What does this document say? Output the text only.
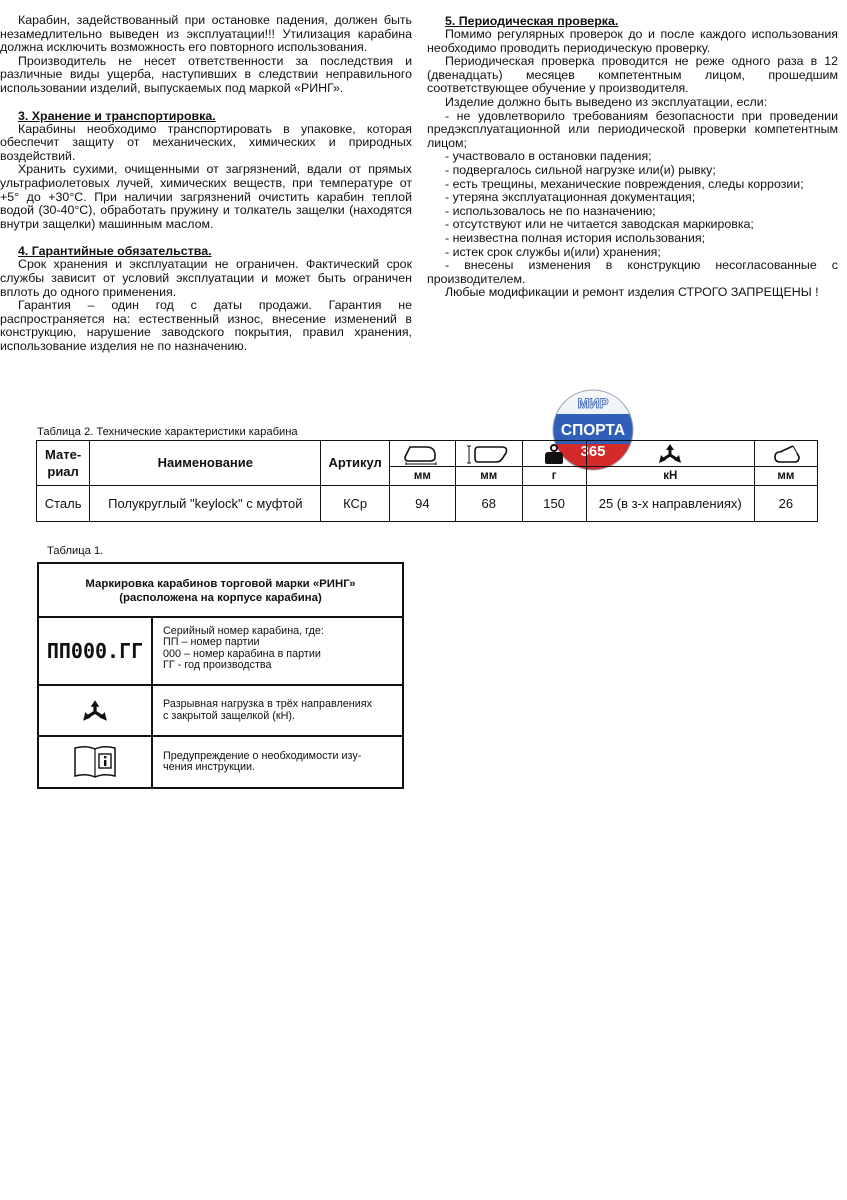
Карабин, задействованный при остановке падения, должен быть незамедлительно выведен из эксплуатации!!! Утилизация карабина должна исключить возможность его повторного использования.

Производитель не несет ответственности за последствия и различные виды ущерба, наступивших в следствии неправильного использовании изделий, выпускаемых под маркой «РИНГ».

3. Хранение и транспортировка.

Карабины необходимо транспортировать в упаковке, которая обеспечит защиту от механических, химических и природных воздействий.

Хранить сухими, очищенными от загрязнений, вдали от прямых ультрафиолетовых лучей, химических веществ, при температуре от +5° до +30°C. При наличии загрязнений очистить карабин теплой водой (30-40°C), обработать пружину и толкатель защелки (находятся внутри защелки) машинным маслом.

4. Гарантийные обязательства.

Срок хранения и эксплуатации не ограничен. Фактический срок службы зависит от условий эксплуатации и может быть ограничен вплоть до одного применения.

Гарантия – один год с даты продажи. Гарантия не распространяется на: естественный износ, внесение изменений в конструкцию, нарушение заводского покрытия, правил хранения, использование изделия не по назначению.

5. Периодическая проверка.

Помимо регулярных проверок до и после каждого использования необходимо проводить периодическую проверку.

Периодическая проверка проводится не реже одного раза в 12 (двенадцать) месяцев компетентным лицом, прошедшим соответствующее обучение у производителя.

Изделие должно быть выведено из эксплуатации, если:

- не удовлетворило требованиям безопасности при проведении предэксплуатационной или периодической проверки компетентным лицом;

- участвовало в остановки падения;

- подвергалось сильной нагрузке или(и) рывку;

- есть трещины, механические повреждения, следы коррозии;

- утеряна эксплуатационная документация;

- использовалось не по назначению;

- отсутствуют или не читается заводская маркировка;

- неизвестна полная история использования;

- истек срок службы и(или) хранения;

- внесены изменения в конструкцию несогласованные с производителем.

Любые модификации и ремонт изделия СТРОГО ЗАПРЕЩЕНЫ !

МИР
СПОРТА
365
Таблица 2. Технические характеристики карабина
Мате-риал	Наименование	Артикул	

			мм	мм	г	кН	мм
Сталь	Полукруглый "keylock" с муфтой	КСр	94	68	150	25 (в з-х направлениях)	26
Таблица 1.
Маркировка карабинов торговой марки «РИНГ»
(расположена на корпусе карабина)
ПП000.ГГ
Серийный номер карабина, где:
ПП – номер партии
000 – номер карабина в партии
ГГ - год производства
Разрывная нагрузка в трёх направлениях
с закрытой защелкой (кН).
Предупреждение о необходимости изу-
чения инструкции.
